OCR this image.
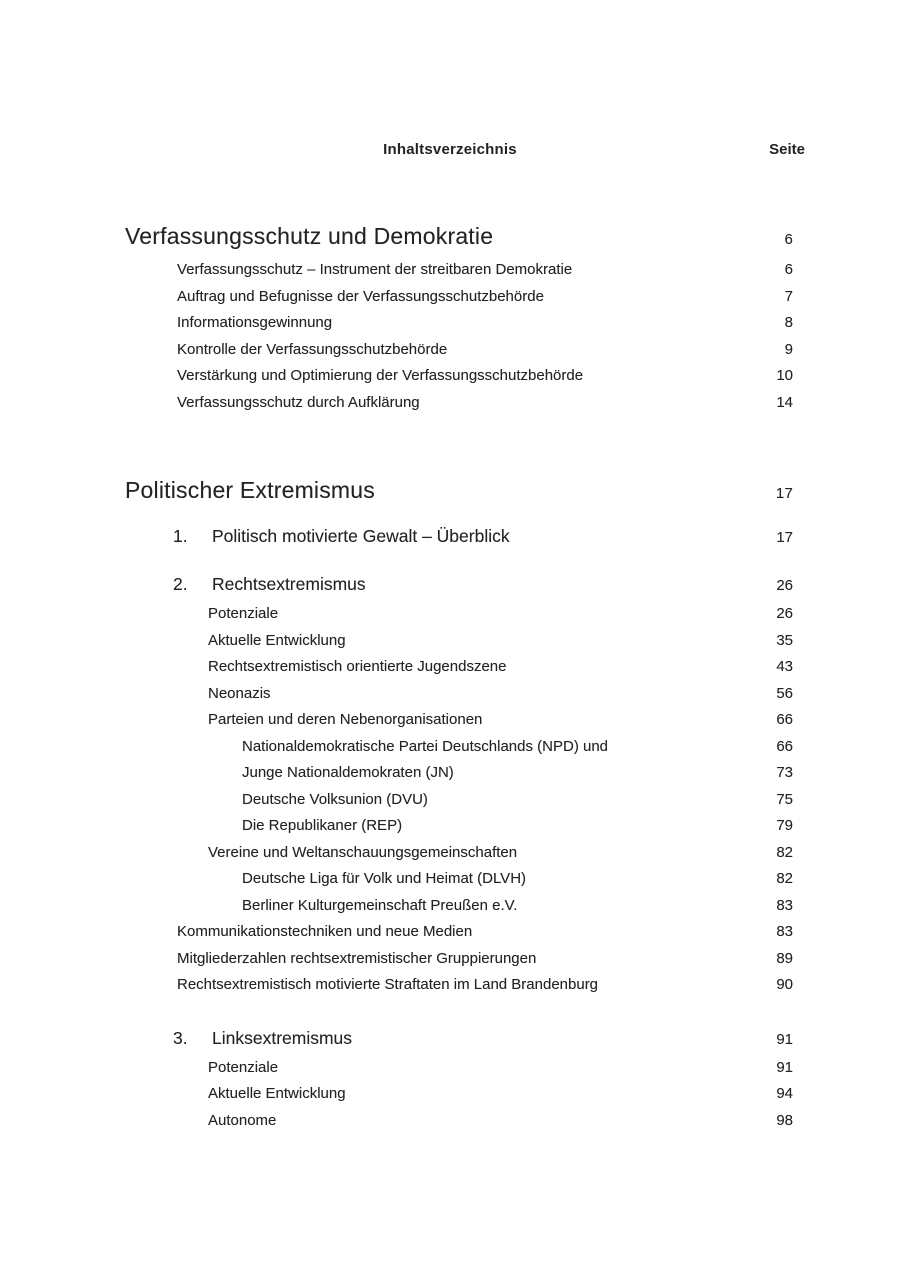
Inhaltsverzeichnis	Seite
Verfassungsschutz und Demokratie	6
Verfassungsschutz – Instrument der streitbaren Demokratie	6
Auftrag und Befugnisse der Verfassungsschutzbehörde	7
Informationsgewinnung	8
Kontrolle der Verfassungsschutzbehörde	9
Verstärkung und Optimierung der Verfassungsschutzbehörde	10
Verfassungsschutz durch Aufklärung	14
Politischer Extremismus	17
1.	Politisch motivierte Gewalt – Überblick	17
2.	Rechtsextremismus	26
Potenziale	26
Aktuelle Entwicklung	35
Rechtsextremistisch orientierte Jugendszene	43
Neonazis	56
Parteien und deren Nebenorganisationen	66
Nationaldemokratische Partei Deutschlands (NPD) und	66
Junge Nationaldemokraten (JN)	73
Deutsche Volksunion (DVU)	75
Die Republikaner (REP)	79
Vereine und Weltanschauungsgemeinschaften	82
Deutsche Liga für Volk und Heimat (DLVH)	82
Berliner Kulturgemeinschaft Preußen e.V.	83
Kommunikationstechniken und neue Medien	83
Mitgliederzahlen rechtsextremistischer Gruppierungen	89
Rechtsextremistisch motivierte Straftaten im Land Brandenburg	90
3.	Linksextremismus	91
Potenziale	91
Aktuelle Entwicklung	94
Autonome	98
